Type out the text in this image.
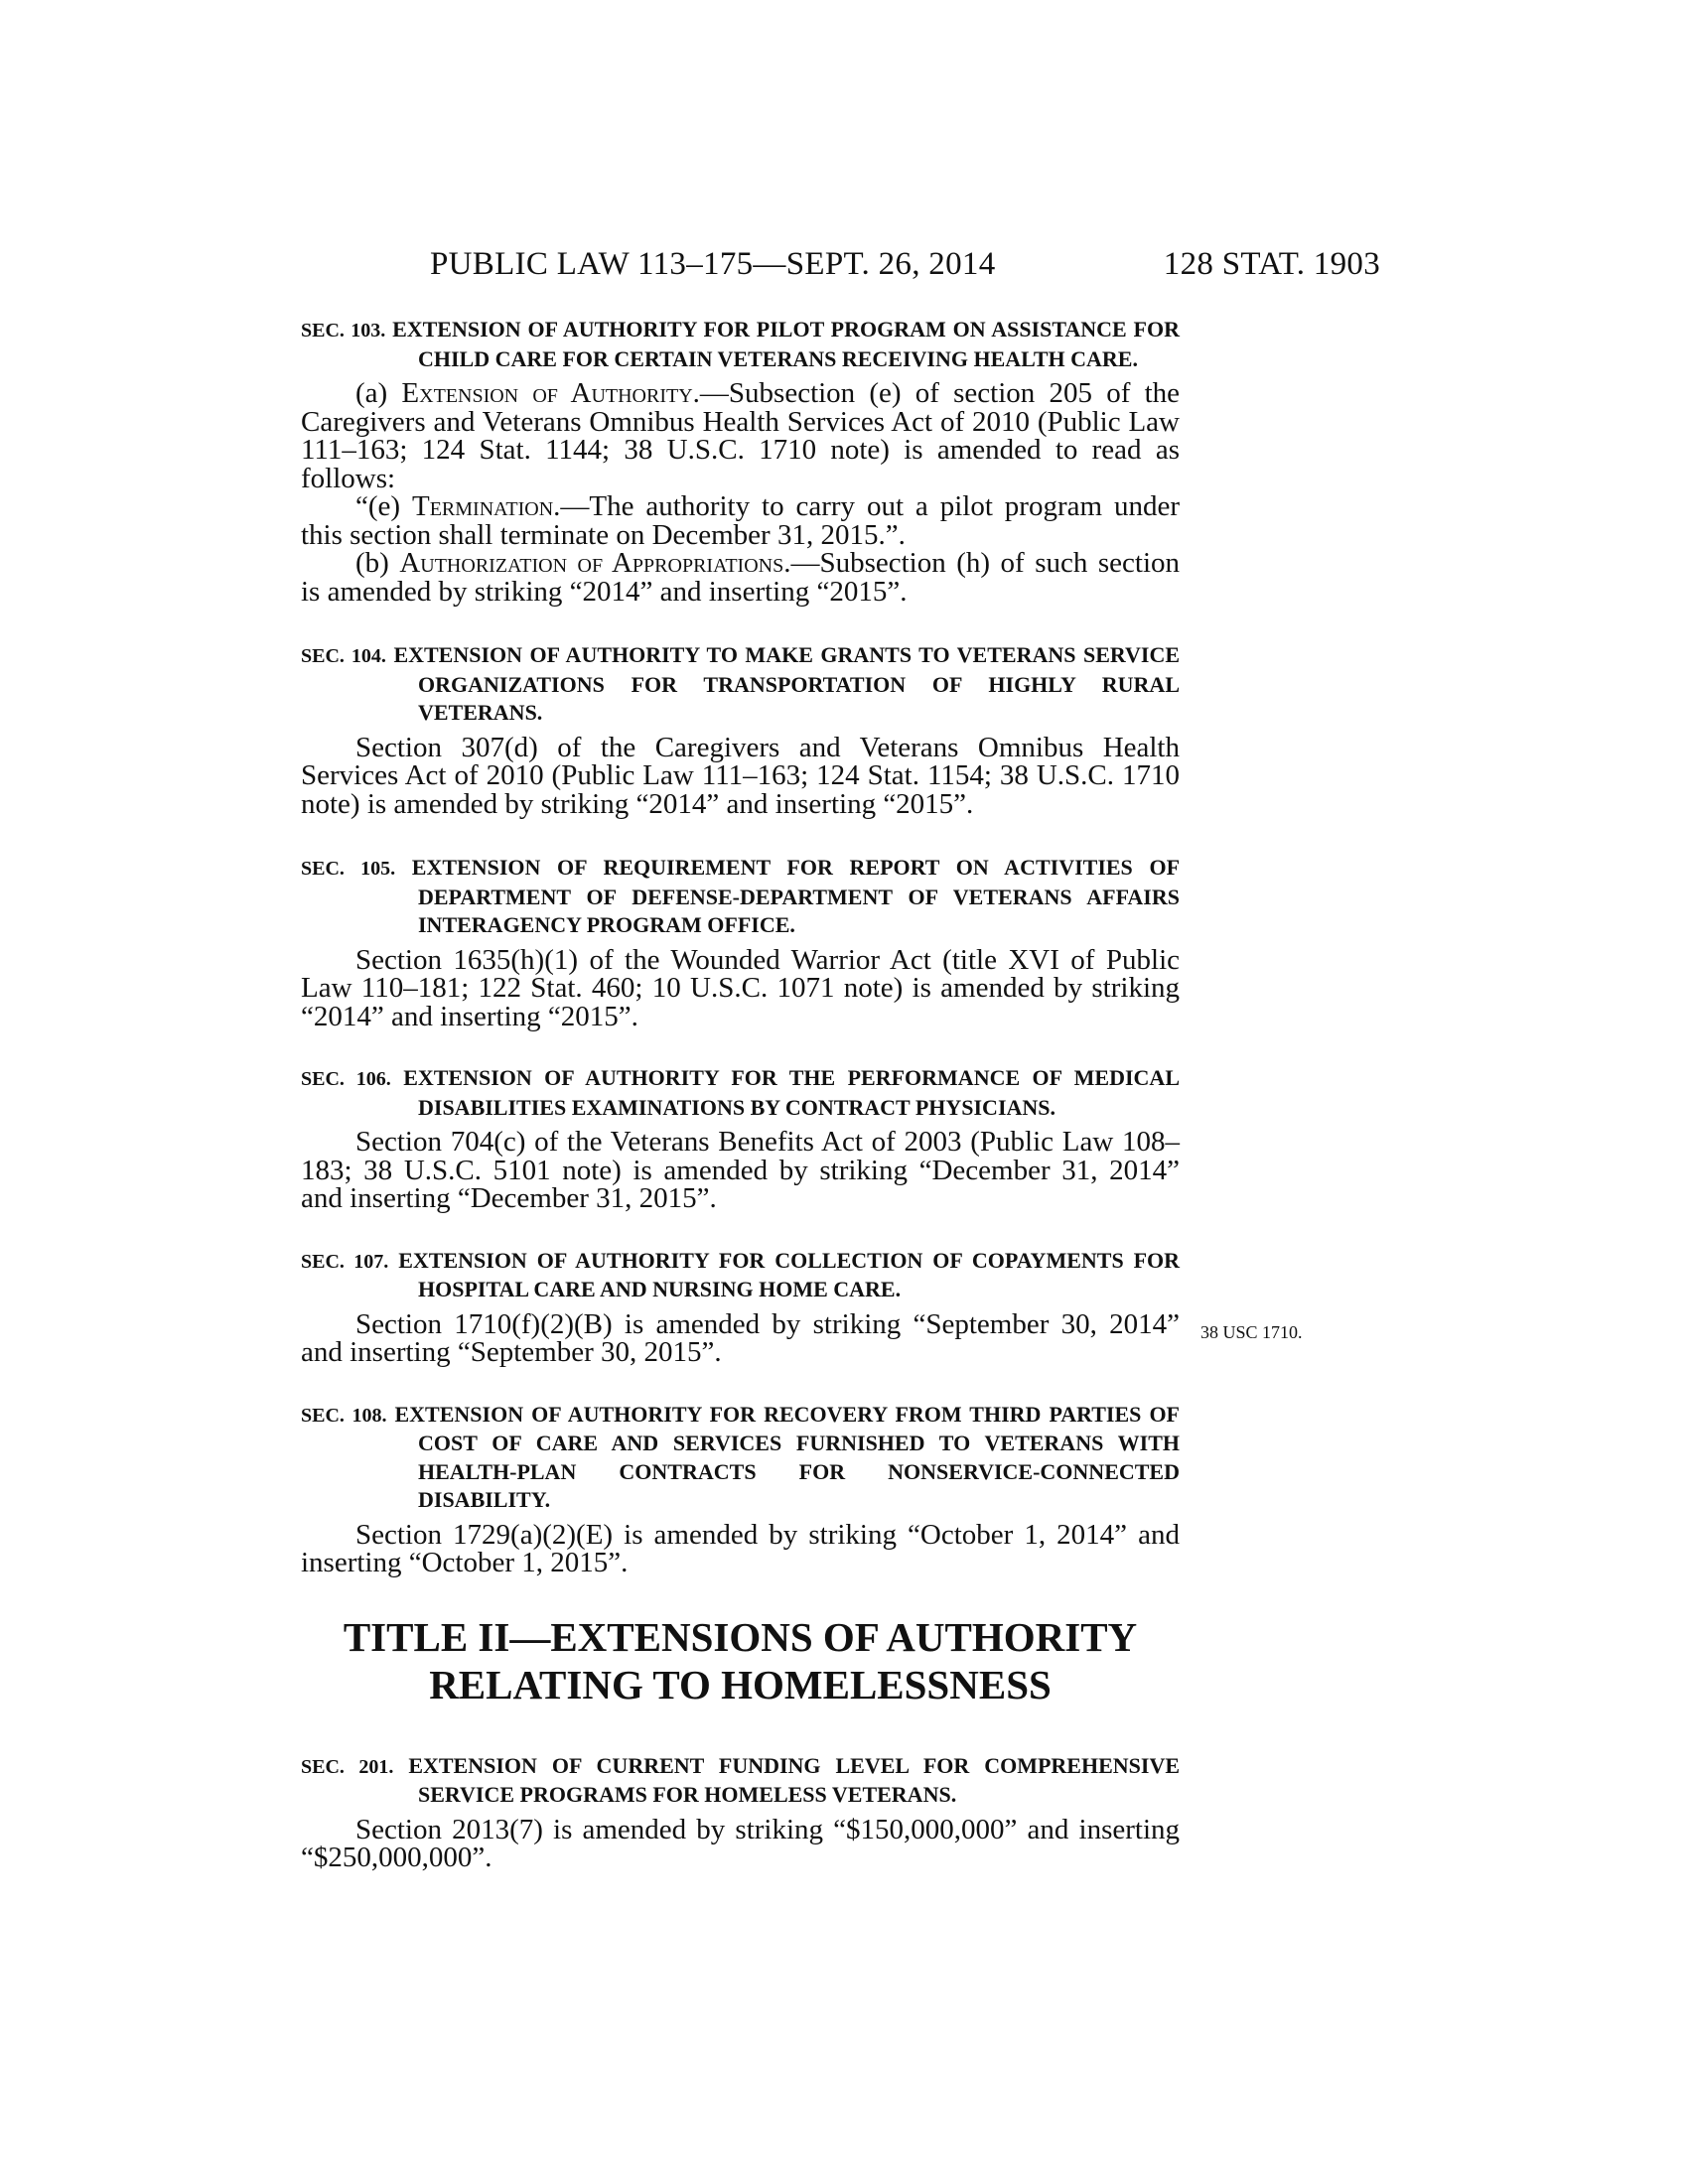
PUBLIC LAW 113–175—SEPT. 26, 2014	128 STAT. 1903
SEC. 103. EXTENSION OF AUTHORITY FOR PILOT PROGRAM ON ASSISTANCE FOR CHILD CARE FOR CERTAIN VETERANS RECEIVING HEALTH CARE.

(a) Extension of Authority.—Subsection (e) of section 205 of the Caregivers and Veterans Omnibus Health Services Act of 2010 (Public Law 111–163; 124 Stat. 1144; 38 U.S.C. 1710 note) is amended to read as follows:

“(e) Termination.—The authority to carry out a pilot program under this section shall terminate on December 31, 2015.”.

(b) Authorization of Appropriations.—Subsection (h) of such section is amended by striking “2014” and inserting “2015”.

SEC. 104. EXTENSION OF AUTHORITY TO MAKE GRANTS TO VETERANS SERVICE ORGANIZATIONS FOR TRANSPORTATION OF HIGHLY RURAL VETERANS.

Section 307(d) of the Caregivers and Veterans Omnibus Health Services Act of 2010 (Public Law 111–163; 124 Stat. 1154; 38 U.S.C. 1710 note) is amended by striking “2014” and inserting “2015”.

SEC. 105. EXTENSION OF REQUIREMENT FOR REPORT ON ACTIVITIES OF DEPARTMENT OF DEFENSE-DEPARTMENT OF VETERANS AFFAIRS INTERAGENCY PROGRAM OFFICE.

Section 1635(h)(1) of the Wounded Warrior Act (title XVI of Public Law 110–181; 122 Stat. 460; 10 U.S.C. 1071 note) is amended by striking “2014” and inserting “2015”.

SEC. 106. EXTENSION OF AUTHORITY FOR THE PERFORMANCE OF MEDICAL DISABILITIES EXAMINATIONS BY CONTRACT PHYSICIANS.

Section 704(c) of the Veterans Benefits Act of 2003 (Public Law 108–183; 38 U.S.C. 5101 note) is amended by striking “December 31, 2014” and inserting “December 31, 2015”.

SEC. 107. EXTENSION OF AUTHORITY FOR COLLECTION OF COPAYMENTS FOR HOSPITAL CARE AND NURSING HOME CARE.
38 USC 1710.

Section 1710(f)(2)(B) is amended by striking “September 30, 2014” and inserting “September 30, 2015”.

SEC. 108. EXTENSION OF AUTHORITY FOR RECOVERY FROM THIRD PARTIES OF COST OF CARE AND SERVICES FURNISHED TO VETERANS WITH HEALTH-PLAN CONTRACTS FOR NONSERVICE-CONNECTED DISABILITY.

Section 1729(a)(2)(E) is amended by striking “October 1, 2014” and inserting “October 1, 2015”.

TITLE II—EXTENSIONS OF AUTHORITY
RELATING TO HOMELESSNESS
SEC. 201. EXTENSION OF CURRENT FUNDING LEVEL FOR COMPREHENSIVE SERVICE PROGRAMS FOR HOMELESS VETERANS.

Section 2013(7) is amended by striking “$150,000,000” and inserting “$250,000,000”.
